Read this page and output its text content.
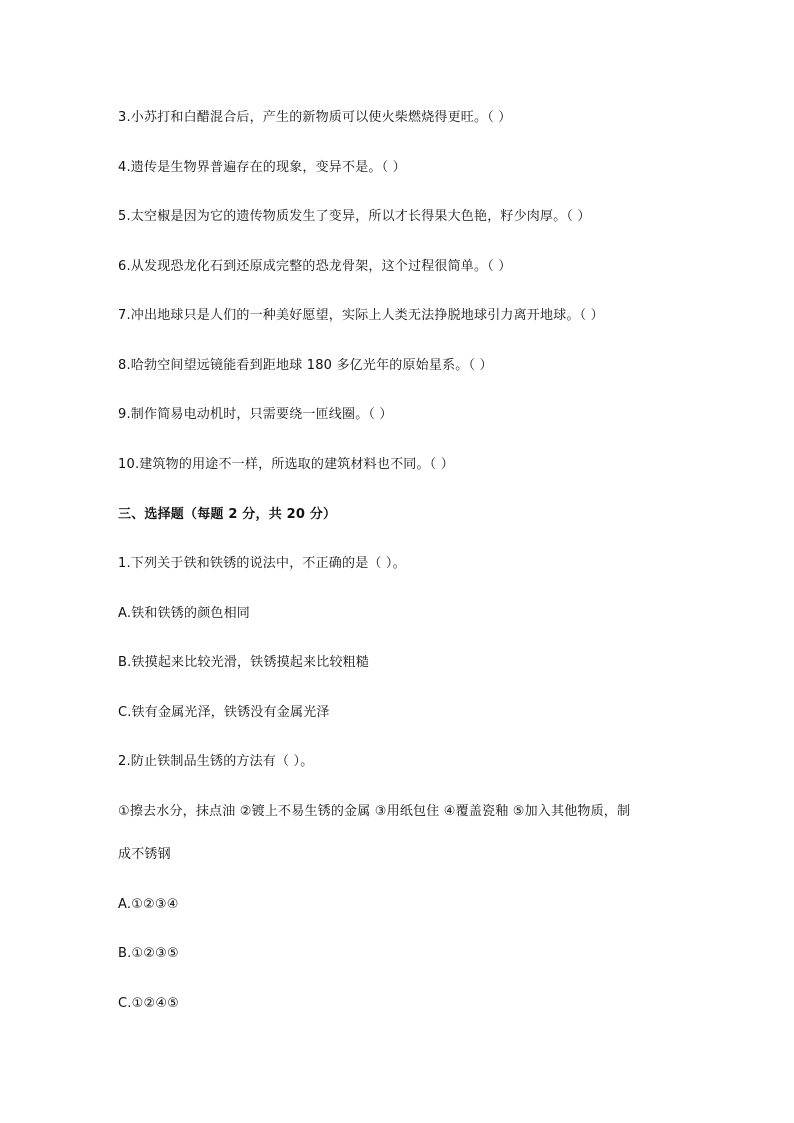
3.小苏打和白醋混合后，产生的新物质可以使火柴燃烧得更旺。（ ）
4.遗传是生物界普遍存在的现象，变异不是。（ ）
5.太空椒是因为它的遗传物质发生了变异，所以才长得果大色艳，籽少肉厚。（ ）
6.从发现恐龙化石到还原成完整的恐龙骨架，这个过程很简单。（ ）
7.冲出地球只是人们的一种美好愿望，实际上人类无法挣脱地球引力离开地球。（ ）
8.哈勃空间望远镜能看到距地球 180 多亿光年的原始星系。（ ）
9.制作简易电动机时，只需要绕一匝线圈。（ ）
10.建筑物的用途不一样，所选取的建筑材料也不同。（ ）
三、选择题（每题 2 分，共 20 分）
1.下列关于铁和铁锈的说法中，不正确的是（ ）。
A.铁和铁锈的颜色相同
B.铁摸起来比较光滑，铁锈摸起来比较粗糙
C.铁有金属光泽，铁锈没有金属光泽
2.防止铁制品生锈的方法有（ ）。
①擦去水分，抹点油 ②镀上不易生锈的金属 ③用纸包住 ④覆盖瓷釉 ⑤加入其他物质，制
成不锈钢
A.①②③④
B.①②③⑤
C.①②④⑤
